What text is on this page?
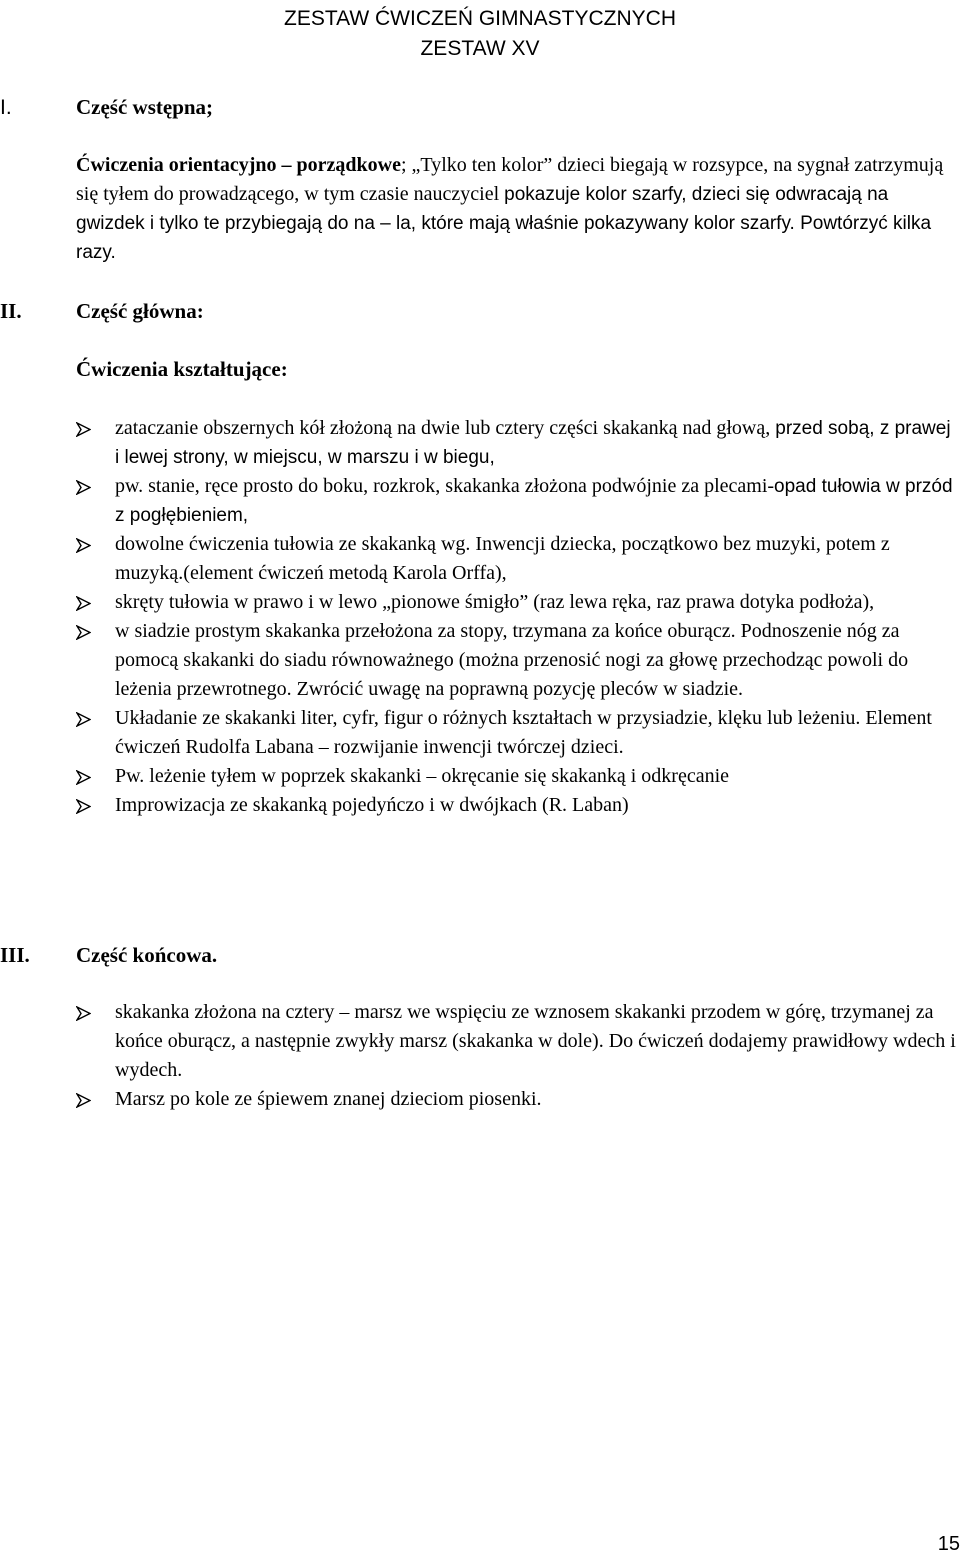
ZESTAW ĆWICZEŃ GIMNASTYCZNYCH
ZESTAW XV
I.	Część wstępna;

Ćwiczenia orientacyjno – porządkowe; „Tylko ten kolor” dzieci biegają w rozsypce, na sygnał zatrzymują się tyłem do prowadzącego, w tym czasie nauczyciel pokazuje kolor szarfy, dzieci się odwracają na gwizdek i tylko te przybiegają do na – la, które mają właśnie pokazywany kolor szarfy. Powtórzyć kilka razy.

II.	Część główna:
Ćwiczenia kształtujące:
zataczanie obszernych kół złożoną na dwie lub cztery części skakanką nad głową, przed sobą, z prawej i lewej strony, w miejscu, w marszu i w biegu,
pw. stanie, ręce prosto do boku, rozkrok, skakanka złożona podwójnie za plecami-opad tułowia w przód z pogłębieniem,
dowolne ćwiczenia tułowia ze skakanką wg. Inwencji dziecka, początkowo bez muzyki, potem z muzyką.(element ćwiczeń metodą Karola Orffa),
skręty tułowia w prawo i w lewo „pionowe śmigło” (raz lewa ręka, raz prawa dotyka podłoża),
w siadzie prostym skakanka przełożona za stopy, trzymana za końce oburącz. Podnoszenie nóg za pomocą skakanki do siadu równoważnego (można przenosić nogi za głowę przechodząc powoli do leżenia przewrotnego. Zwrócić uwagę na poprawną pozycję pleców w siadzie.
Układanie ze skakanki liter, cyfr, figur o różnych kształtach w przysiadzie, klęku lub leżeniu. Element ćwiczeń Rudolfa Labana – rozwijanie inwencji twórczej dzieci.
Pw. leżenie tyłem w poprzek skakanki – okręcanie się skakanką i odkręcanie
Improwizacja ze skakanką pojedyńczo i w dwójkach (R. Laban)
III. Część końcowa.
skakanka złożona na cztery – marsz we wspięciu ze wznosem skakanki przodem w górę, trzymanej za końce oburącz, a następnie zwykły marsz (skakanka w dole). Do ćwiczeń dodajemy prawidłowy wdech i wydech.
Marsz po kole ze śpiewem znanej dzieciom piosenki.
15
